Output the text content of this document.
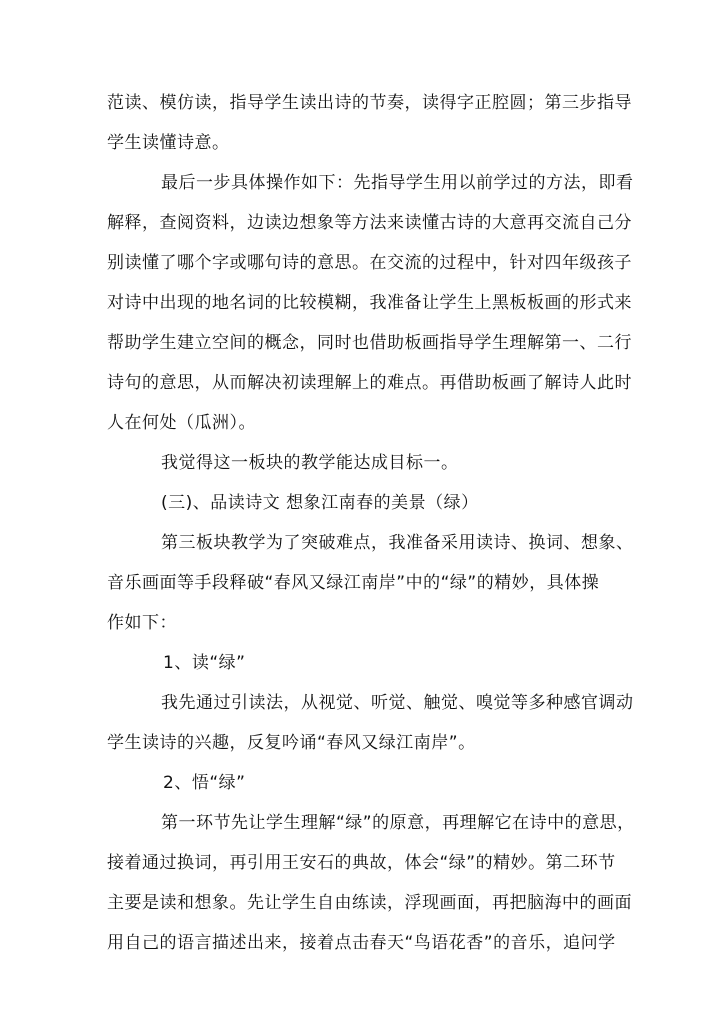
范读、模仿读，指导学生读出诗的节奏，读得字正腔圆；第三步指导
学生读懂诗意。
最后一步具体操作如下：先指导学生用以前学过的方法，即看
解释，查阅资料，边读边想象等方法来读懂古诗的大意再交流自己分
别读懂了哪个字或哪句诗的意思。在交流的过程中，针对四年级孩子
对诗中出现的地名词的比较模糊，我准备让学生上黑板板画的形式来
帮助学生建立空间的概念，同时也借助板画指导学生理解第一、二行
诗句的意思，从而解决初读理解上的难点。再借助板画了解诗人此时
人在何处（瓜洲）。
我觉得这一板块的教学能达成目标一。
(三)、品读诗文 想象江南春的美景（绿）
第三板块教学为了突破难点，我准备采用读诗、换词、想象、
音乐画面等手段释破“春风又绿江南岸”中的“绿”的精妙，具体操
作如下：
1、读“绿”
我先通过引读法，从视觉、听觉、触觉、嗅觉等多种感官调动
学生读诗的兴趣，反复吟诵“春风又绿江南岸”。
2、悟“绿”
第一环节先让学生理解“绿”的原意，再理解它在诗中的意思，
接着通过换词，再引用王安石的典故，体会“绿”的精妙。第二环节
主要是读和想象。先让学生自由练读，浮现画面，再把脑海中的画面
用自己的语言描述出来，接着点击春天“鸟语花香”的音乐，追问学
